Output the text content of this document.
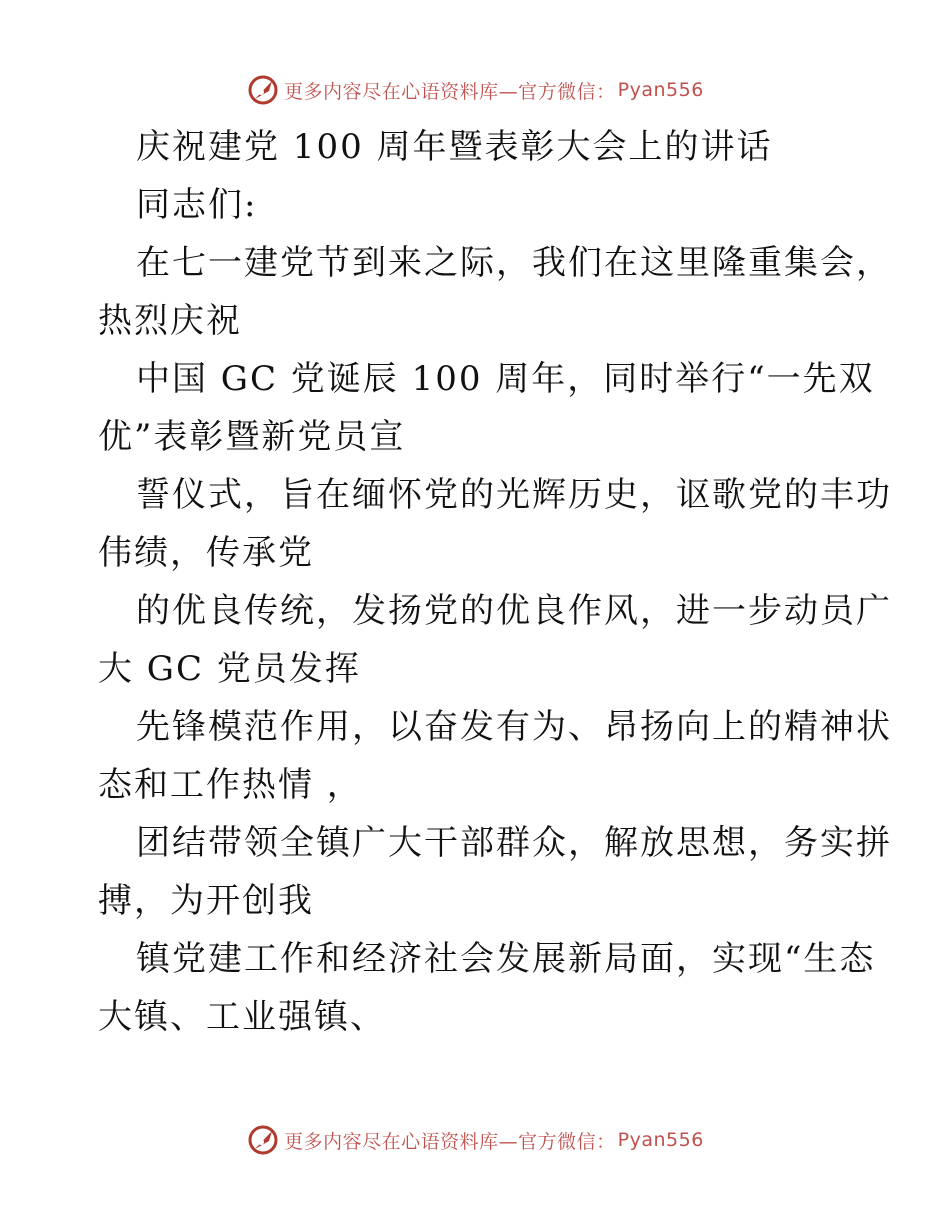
更多内容尽在心语资料库—官方微信： Pyan556
庆祝建党 100 周年暨表彰大会上的讲话
同志们:
在七一建党节到来之际，我们在这里隆重集会，
热烈庆祝
中国 GC 党诞辰 100 周年，同时举行“一先双
优”表彰暨新党员宣
誓仪式，旨在缅怀党的光辉历史，讴歌党的丰功
伟绩，传承党
的优良传统，发扬党的优良作风，进一步动员广
大 GC 党员发挥
先锋模范作用，以奋发有为、昂扬向上的精神状
态和工作热情 ，
团结带领全镇广大干部群众，解放思想，务实拼
搏，为开创我
镇党建工作和经济社会发展新局面，实现“生态
大镇、工业强镇、
更多内容尽在心语资料库—官方微信： Pyan556
